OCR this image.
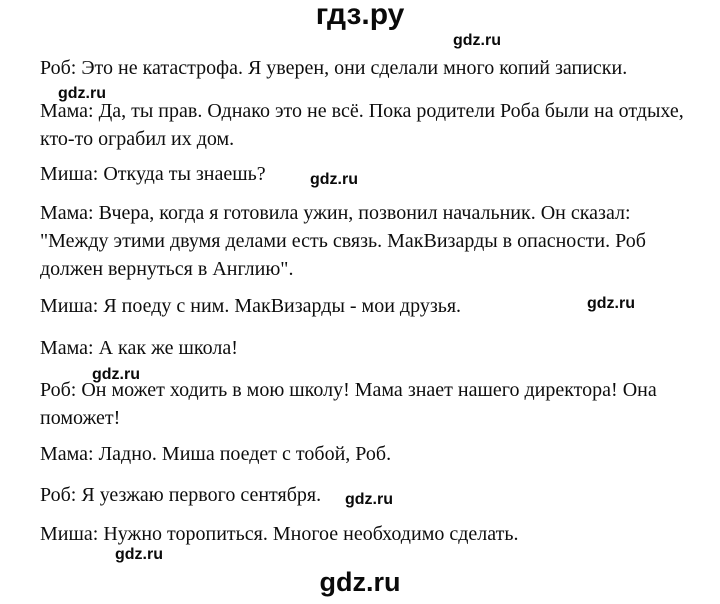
гдз.ру
gdz.ru
gdz.ru
gdz.ru
gdz.ru
gdz.ru
gdz.ru
gdz.ru
gdz.ru
Роб: Это не катастрофа. Я уверен, они сделали много копий записки.
Мама: Да, ты прав. Однако это не всё. Пока родители Роба были на отдыхе,
кто-то ограбил их дом.
Миша: Откуда ты знаешь?
Мама: Вчера, когда я готовила ужин, позвонил начальник. Он сказал:
"Между этими двумя делами есть связь. МакВизарды в опасности. Роб
должен вернуться в Англию".
Миша: Я поеду с ним. МакВизарды - мои друзья.
Мама: А как же школа!
Роб: Он может ходить в мою школу! Мама знает нашего директора! Она
поможет!
Мама: Ладно. Миша поедет с тобой, Роб.
Роб: Я уезжаю первого сентября.
Миша: Нужно торопиться. Многое необходимо сделать.
